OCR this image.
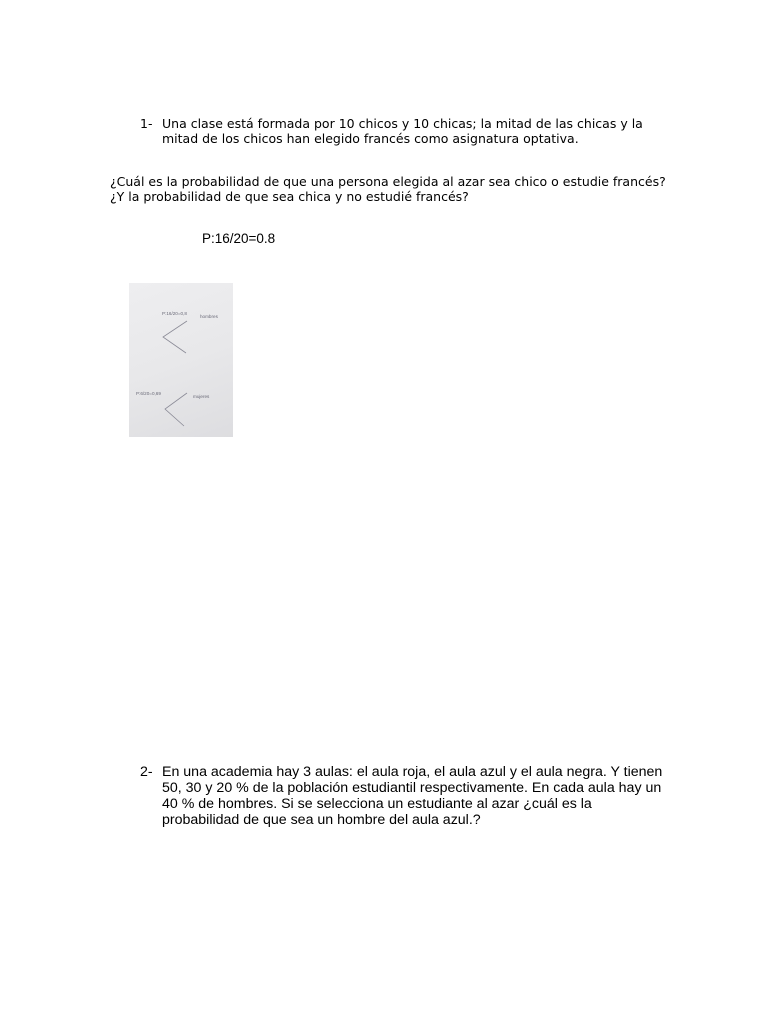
1- Una clase está formada por 10 chicos y 10 chicas; la mitad de las chicas y la mitad de los chicos han elegido francés como asignatura optativa.

¿Cuál es la probabilidad de que una persona elegida al azar sea chico o estudie francés?

¿Y la probabilidad de que sea chica y no estudié francés?

P:16/20=0.8
P:16/20=0,8
hombres
P:6/20=0,69
mujeres
2- En una academia hay 3 aulas: el aula roja, el aula azul y el aula negra. Y tienen 50, 30 y 20 % de la población estudiantil respectivamente. En cada aula hay un 40 % de hombres. Si se selecciona un estudiante al azar ¿cuál es la probabilidad de que sea un hombre del aula azul.?
